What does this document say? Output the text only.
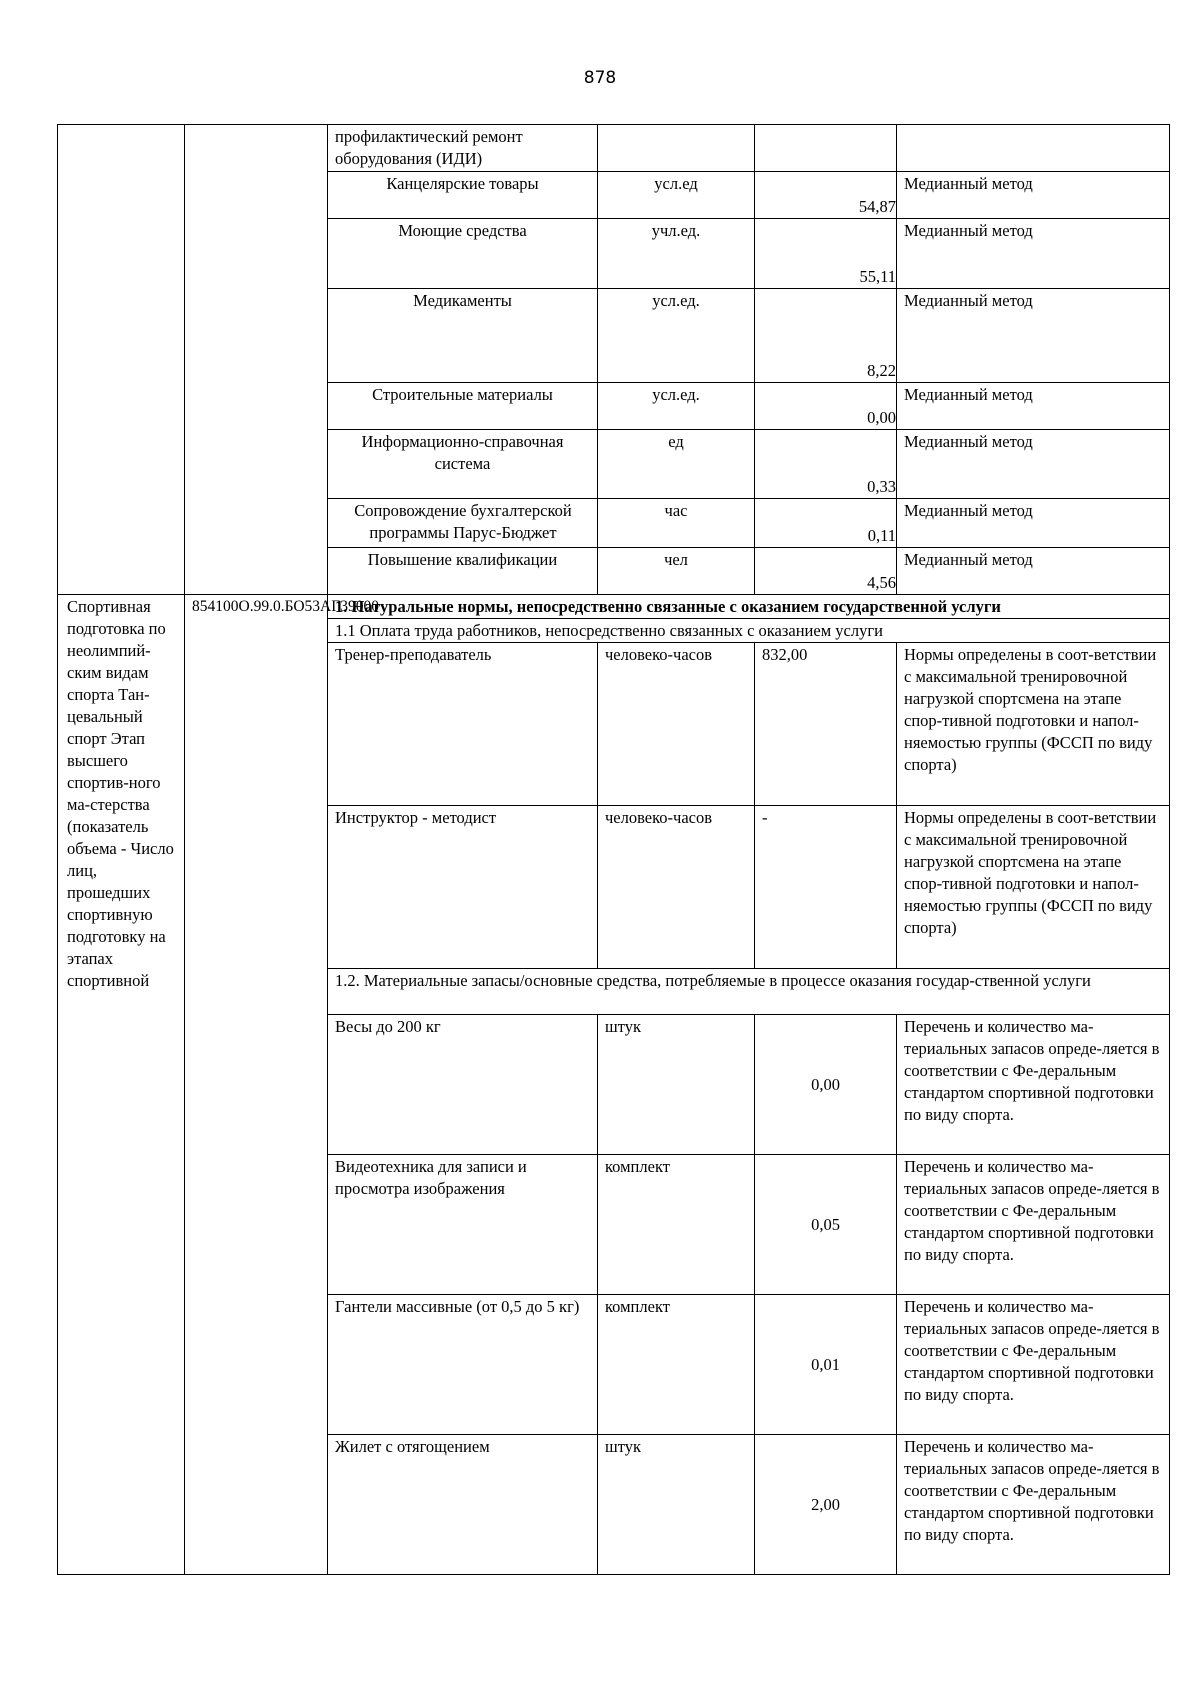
878
		профилактический ремонт оборудования (ИДИ)			
		Канцелярские товары	усл.ед	54,87	Медианный метод
		Моющие средства	учл.ед.	55,11	Медианный метод
		Медикаменты	усл.ед.	8,22	Медианный метод
		Строительные материалы	усл.ед.	0,00	Медианный метод
		Информационно-справочная система	ед	0,33	Медианный метод
		Сопровождение бухгалтерской программы Парус-Бюджет	час	0,11	Медианный метод
		Повышение квалификации	чел	4,56	Медианный метод
Спортивная подготовка по неолимпий-ским видам спорта Тан-цевальный спорт Этап высшего спортив-ного ма-стерства (показатель объема - Число лиц, прошедших спортивную подготовку на этапах спортивной	854100О.99.0.БО53АГ39000	1. Натуральные нормы, непосредственно связанные с оказанием государственной услуги			
		1.1 Оплата труда работников, непосредственно связанных с оказанием услуги			
		Тренер-преподаватель	человеко-часов	832,00	Нормы определены в соот-ветствии с максимальной тренировочной нагрузкой спортсмена на этапе спор-тивной подготовки и напол-няемостью группы (ФССП по виду спорта)
		Инструктор - методист	человеко-часов	-	Нормы определены в соот-ветствии с максимальной тренировочной нагрузкой спортсмена на этапе спор-тивной подготовки и напол-няемостью группы (ФССП по виду спорта)
		1.2. Материальные запасы/основные средства, потребляемые в процессе оказания государ-ственной услуги			
		Весы до 200 кг	штук	0,00	Перечень и количество ма-териальных запасов опреде-ляется в соответствии с Фе-деральным стандартом спортивной подготовки по виду спорта.
		Видеотехника для записи и просмотра изображения	комплект	0,05	Перечень и количество ма-териальных запасов опреде-ляется в соответствии с Фе-деральным стандартом спортивной подготовки по виду спорта.
		Гантели массивные (от 0,5 до 5 кг)	комплект	0,01	Перечень и количество ма-териальных запасов опреде-ляется в соответствии с Фе-деральным стандартом спортивной подготовки по виду спорта.
		Жилет с отягощением	штук	2,00	Перечень и количество ма-териальных запасов опреде-ляется в соответствии с Фе-деральным стандартом спортивной подготовки по виду спорта.
